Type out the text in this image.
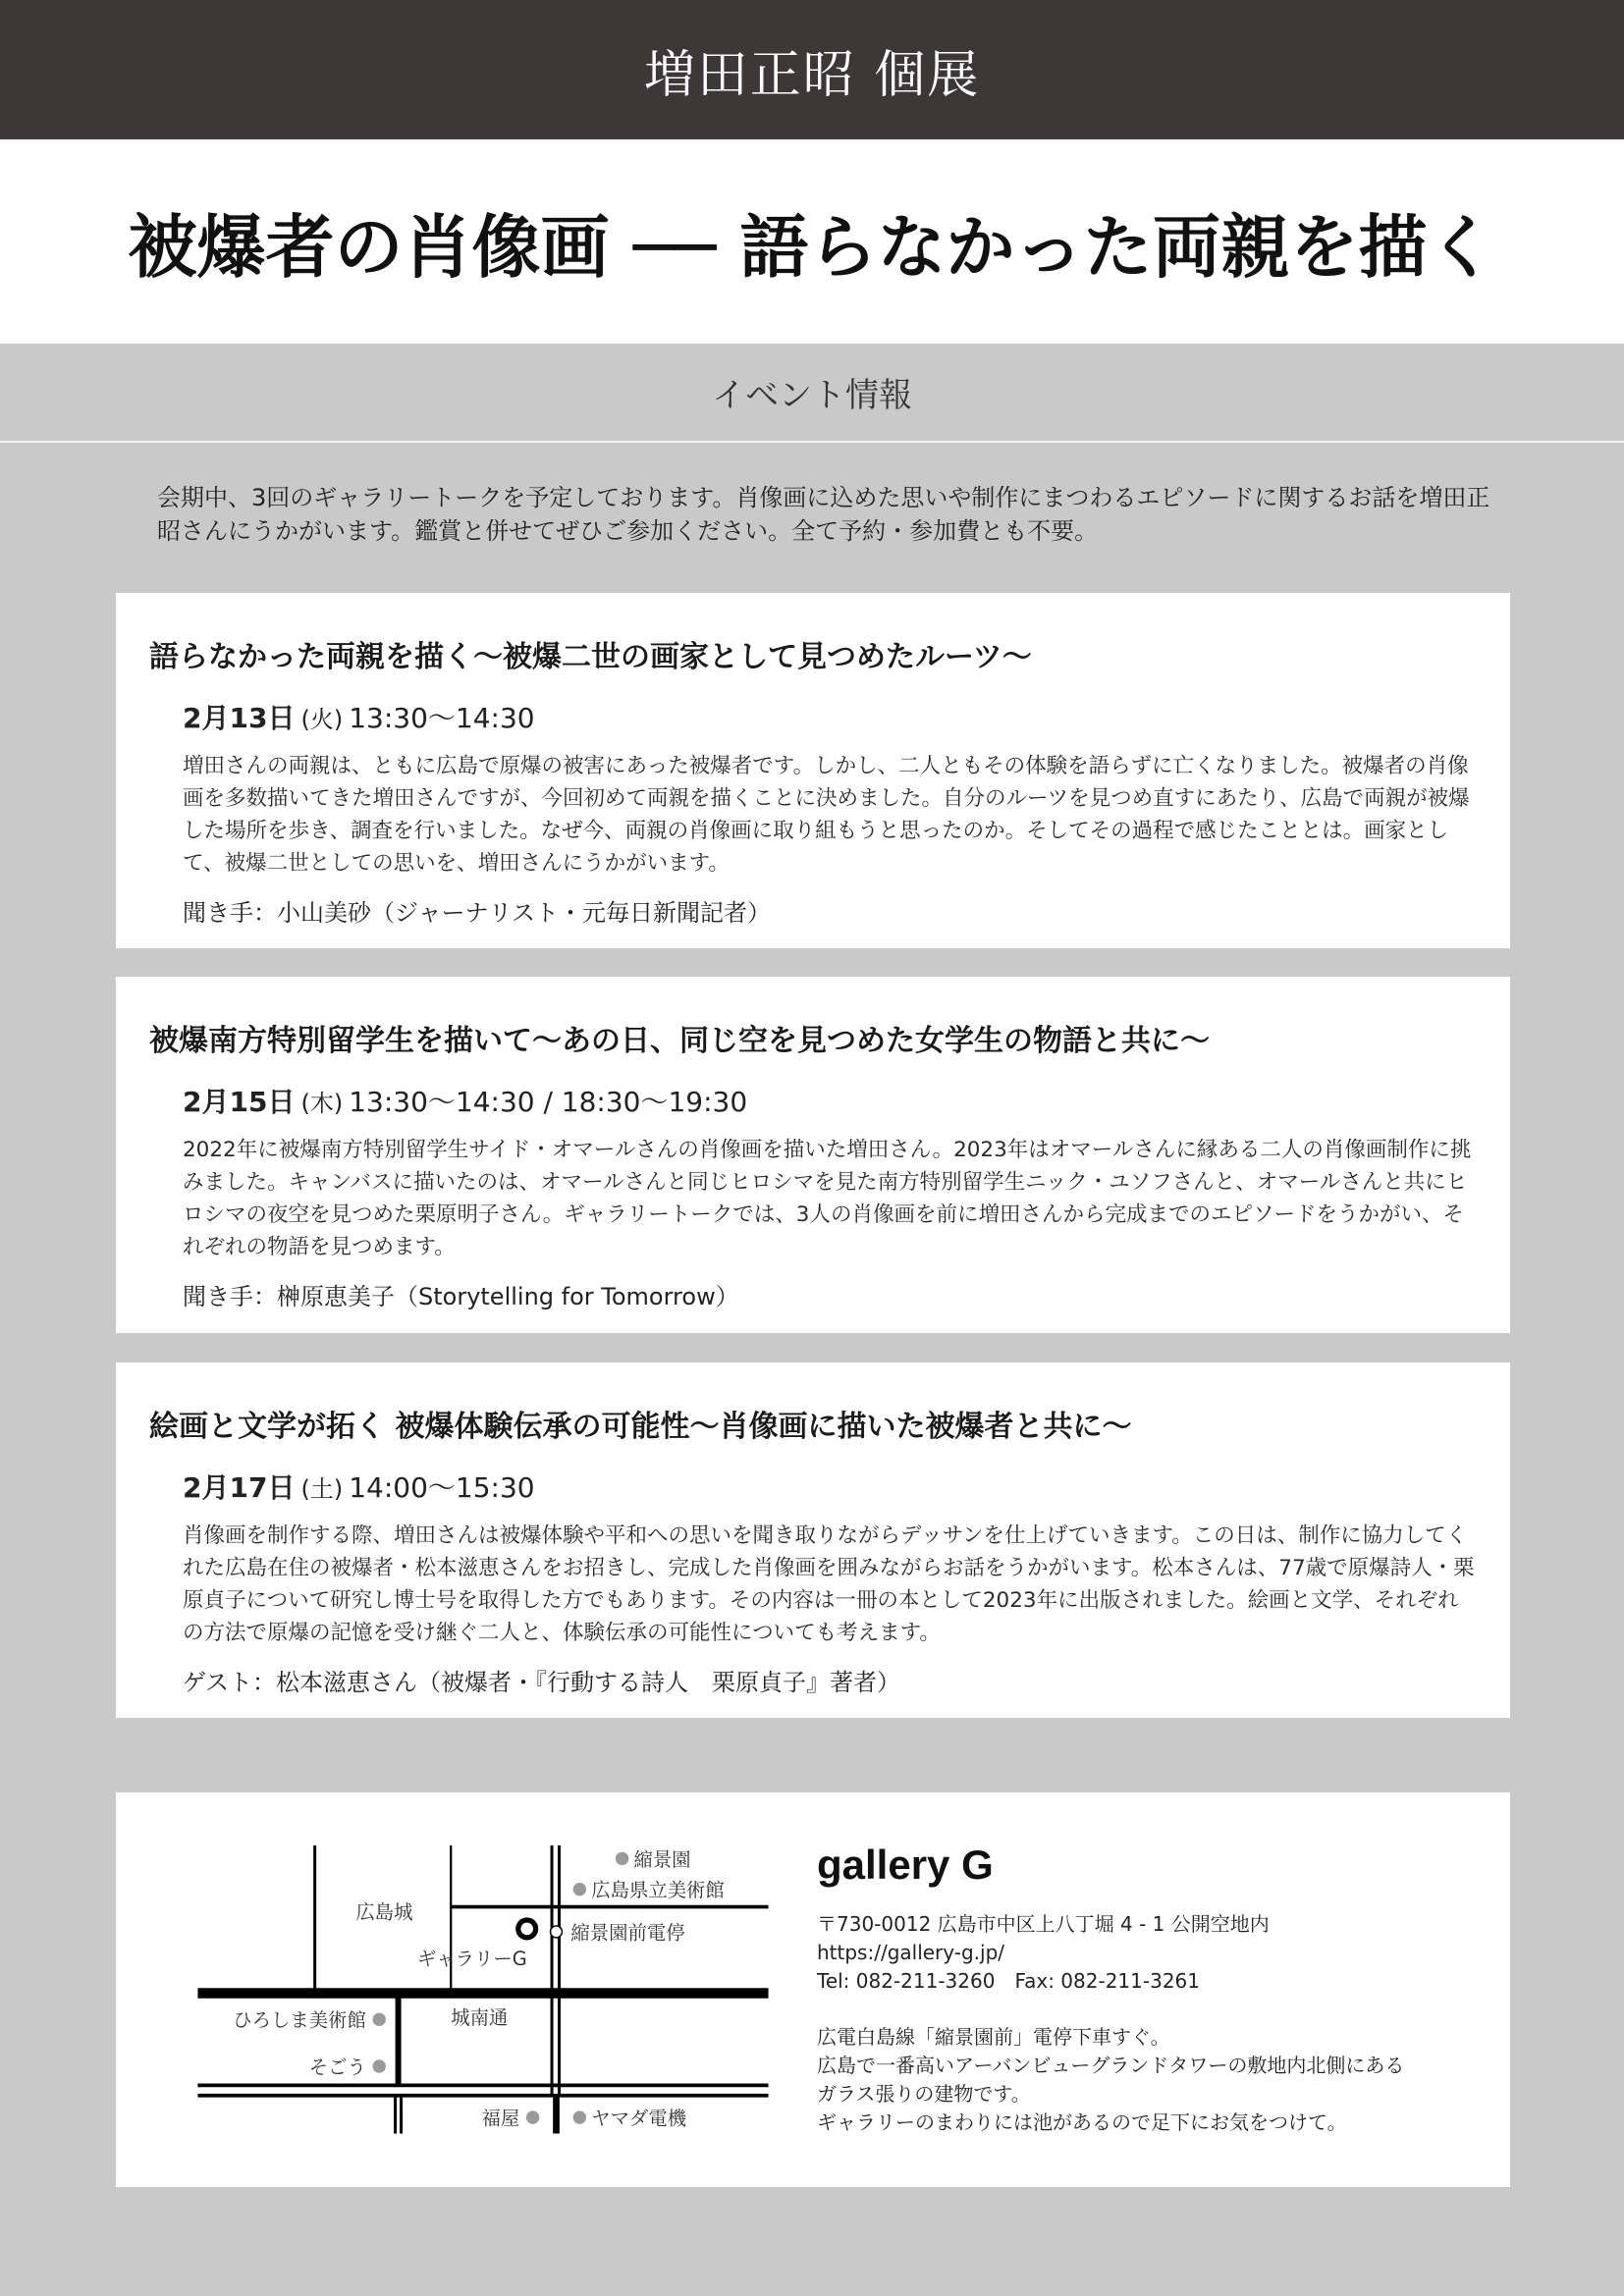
増田正昭 個展
被爆者の肖像画 ── 語らなかった両親を描く
イベント情報
会期中、3回のギャラリートークを予定しております。肖像画に込めた思いや制作にまつわるエピソードに関するお話を増田正昭さんにうかがいます。鑑賞と併せてぜひご参加ください。全て予約・参加費とも不要。
語らなかった両親を描く～被爆二世の画家として見つめたルーツ～
2月13日 (火) 13:30～14:30
増田さんの両親は、ともに広島で原爆の被害にあった被爆者です。しかし、二人ともその体験を語らずに亡くなりました。被爆者の肖像画を多数描いてきた増田さんですが、今回初めて両親を描くことに決めました。自分のルーツを見つめ直すにあたり、広島で両親が被爆した場所を歩き、調査を行いました。なぜ今、両親の肖像画に取り組もうと思ったのか。そしてその過程で感じたこととは。画家として、被爆二世としての思いを、増田さんにうかがいます。
聞き手：小山美砂（ジャーナリスト・元毎日新聞記者）
被爆南方特別留学生を描いて～あの日、同じ空を見つめた女学生の物語と共に～
2月15日 (木) 13:30～14:30 / 18:30～19:30
2022年に被爆南方特別留学生サイド・オマールさんの肖像画を描いた増田さん。2023年はオマールさんに縁ある二人の肖像画制作に挑みました。キャンバスに描いたのは、オマールさんと同じヒロシマを見た南方特別留学生ニック・ユソフさんと、オマールさんと共にヒロシマの夜空を見つめた栗原明子さん。ギャラリートークでは、3人の肖像画を前に増田さんから完成までのエピソードをうかがい、それぞれの物語を見つめます。
聞き手：榊原恵美子（Storytelling for Tomorrow）
絵画と文学が拓く 被爆体験伝承の可能性～肖像画に描いた被爆者と共に～
2月17日 (土) 14:00～15:30
肖像画を制作する際、増田さんは被爆体験や平和への思いを聞き取りながらデッサンを仕上げていきます。この日は、制作に協力してくれた広島在住の被爆者・松本滋恵さんをお招きし、完成した肖像画を囲みながらお話をうかがいます。松本さんは、77歳で原爆詩人・栗原貞子について研究し博士号を取得した方でもあります。その内容は一冊の本として2023年に出版されました。絵画と文学、それぞれの方法で原爆の記憶を受け継ぐ二人と、体験伝承の可能性についても考えます。
ゲスト：松本滋恵さん（被爆者・『行動する詩人　栗原貞子』著者）
縮景園
広島県立美術館
広島城
縮景園前電停
ギャラリーG
ひろしま美術館	城南通
そごう
福屋	ヤマダ電機
gallery G
〒730-0012 広島市中区上八丁堀 4 - 1 公開空地内
https://gallery-g.jp/
Tel: 082-211-3260　Fax: 082-211-3261
広電白島線「縮景園前」電停下車すぐ。
広島で一番高いアーバンビューグランドタワーの敷地内北側にある
ガラス張りの建物です。
ギャラリーのまわりには池があるので足下にお気をつけて。
